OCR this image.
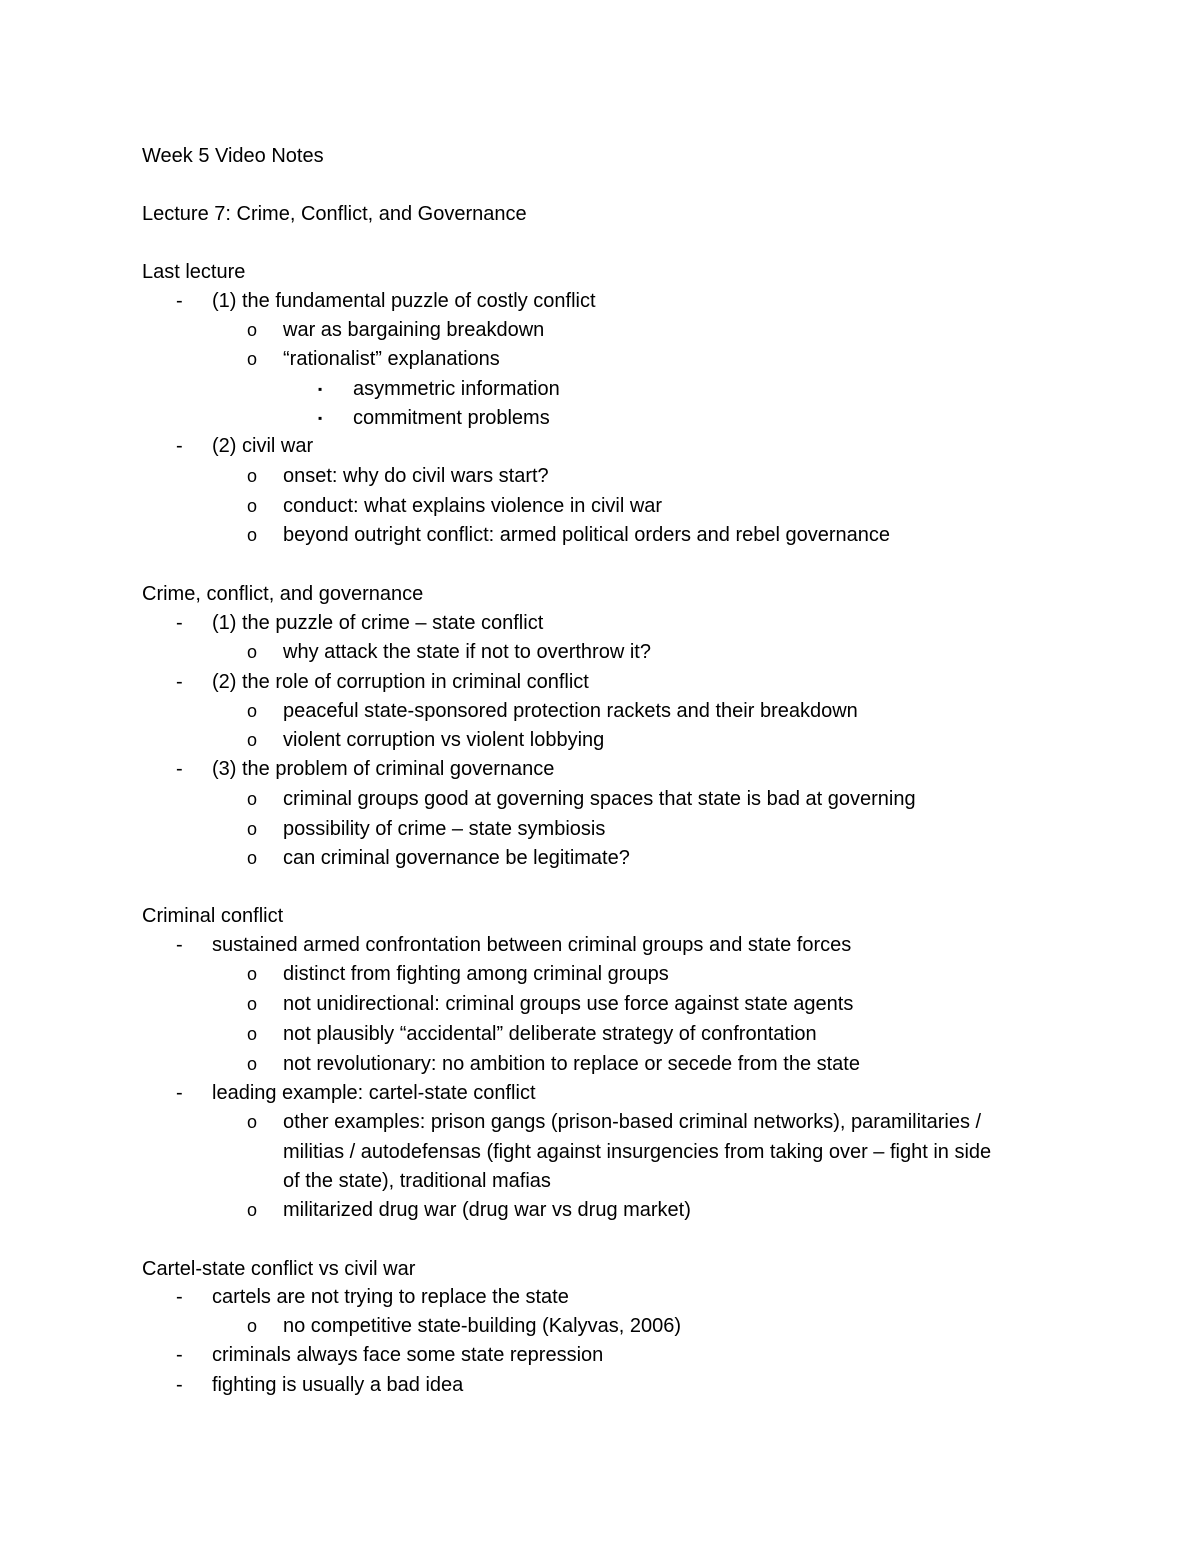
Week 5 Video Notes
Lecture 7: Crime, Conflict, and Governance
Last lecture
- (1) the fundamental puzzle of costly conflict
o war as bargaining breakdown
o “rationalist” explanations
▪ asymmetric information
▪ commitment problems
- (2) civil war
o onset: why do civil wars start?
o conduct: what explains violence in civil war
o beyond outright conflict: armed political orders and rebel governance
Crime, conflict, and governance
- (1) the puzzle of crime – state conflict
o why attack the state if not to overthrow it?
- (2) the role of corruption in criminal conflict
o peaceful state-sponsored protection rackets and their breakdown
o violent corruption vs violent lobbying
- (3) the problem of criminal governance
o criminal groups good at governing spaces that state is bad at governing
o possibility of crime – state symbiosis
o can criminal governance be legitimate?
Criminal conflict
- sustained armed confrontation between criminal groups and state forces
o distinct from fighting among criminal groups
o not unidirectional: criminal groups use force against state agents
o not plausibly “accidental” deliberate strategy of confrontation
o not revolutionary: no ambition to replace or secede from the state
- leading example: cartel-state conflict
o other examples: prison gangs (prison-based criminal networks), paramilitaries /
militias / autodefensas (fight against insurgencies from taking over – fight in side
of the state), traditional mafias
o militarized drug war (drug war vs drug market)
Cartel-state conflict vs civil war
- cartels are not trying to replace the state
o no competitive state-building (Kalyvas, 2006)
- criminals always face some state repression
- fighting is usually a bad idea
